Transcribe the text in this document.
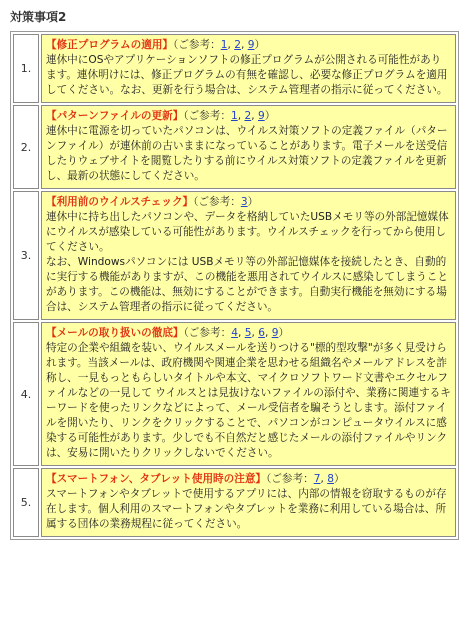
対策事項2
1.	【修正プログラムの適用】（ご参考：1, 2, 9）
連休中にOSやアプリケーションソフトの修正プログラムが公開される可能性があります。連休明けには、修正プログラムの有無を確認し、必要な修正プログラムを適用してください。なお、更新を行う場合は、システム管理者の指示に従ってください。

2.	【パターンファイルの更新】（ご参考：1, 2, 9）
連休中に電源を切っていたパソコンは、ウイルス対策ソフトの定義ファイル（パターンファイル）が連休前の古いままになっていることがあります。電子メールを送受信したりウェブサイトを閲覧したりする前にウイルス対策ソフトの定義ファイルを更新し、最新の状態にしてください。

3.	【利用前のウイルスチェック】（ご参考：3）
連休中に持ち出したパソコンや、データを格納していたUSBメモリ等の外部記憶媒体にウイルスが感染している可能性があります。ウイルスチェックを行ってから使用してください。
なお、Windowsパソコンには USBメモリ等の外部記憶媒体を接続したとき、自動的に実行する機能がありますが、この機能を悪用されてウイルスに感染してしまうことがあります。この機能は、無効にすることができます。自動実行機能を無効にする場合は、システム管理者の指示に従ってください。

4.	【メールの取り扱いの徹底】（ご参考：4, 5, 6, 9）
特定の企業や組織を装い、ウイルスメールを送りつける"標的型攻撃"が多く見受けられます。当該メールは、政府機関や関連企業を思わせる組織名やメールアドレスを詐称し、一見もっともらしいタイトルや本文、マイクロソフトワード文書やエクセルファイルなどの一見して ウイルスとは見抜けないファイルの添付や、業務に関連するキーワードを使ったリンクなどによって、メール受信者を騙そうとします。添付ファイルを開いたり、リンクをクリックすることで、パソコンがコンピュータウイルスに感染する可能性があります。少しでも不自然だと感じたメールの添付ファイルやリンクは、安易に開いたりクリックしないでください。

5.	【スマートフォン、タブレット使用時の注意】（ご参考：7, 8）
スマートフォンやタブレットで使用するアプリには、内部の情報を窃取するものが存在します。個人利用のスマートフォンやタブレットを業務に利用している場合は、所属する団体の業務規程に従ってください。
